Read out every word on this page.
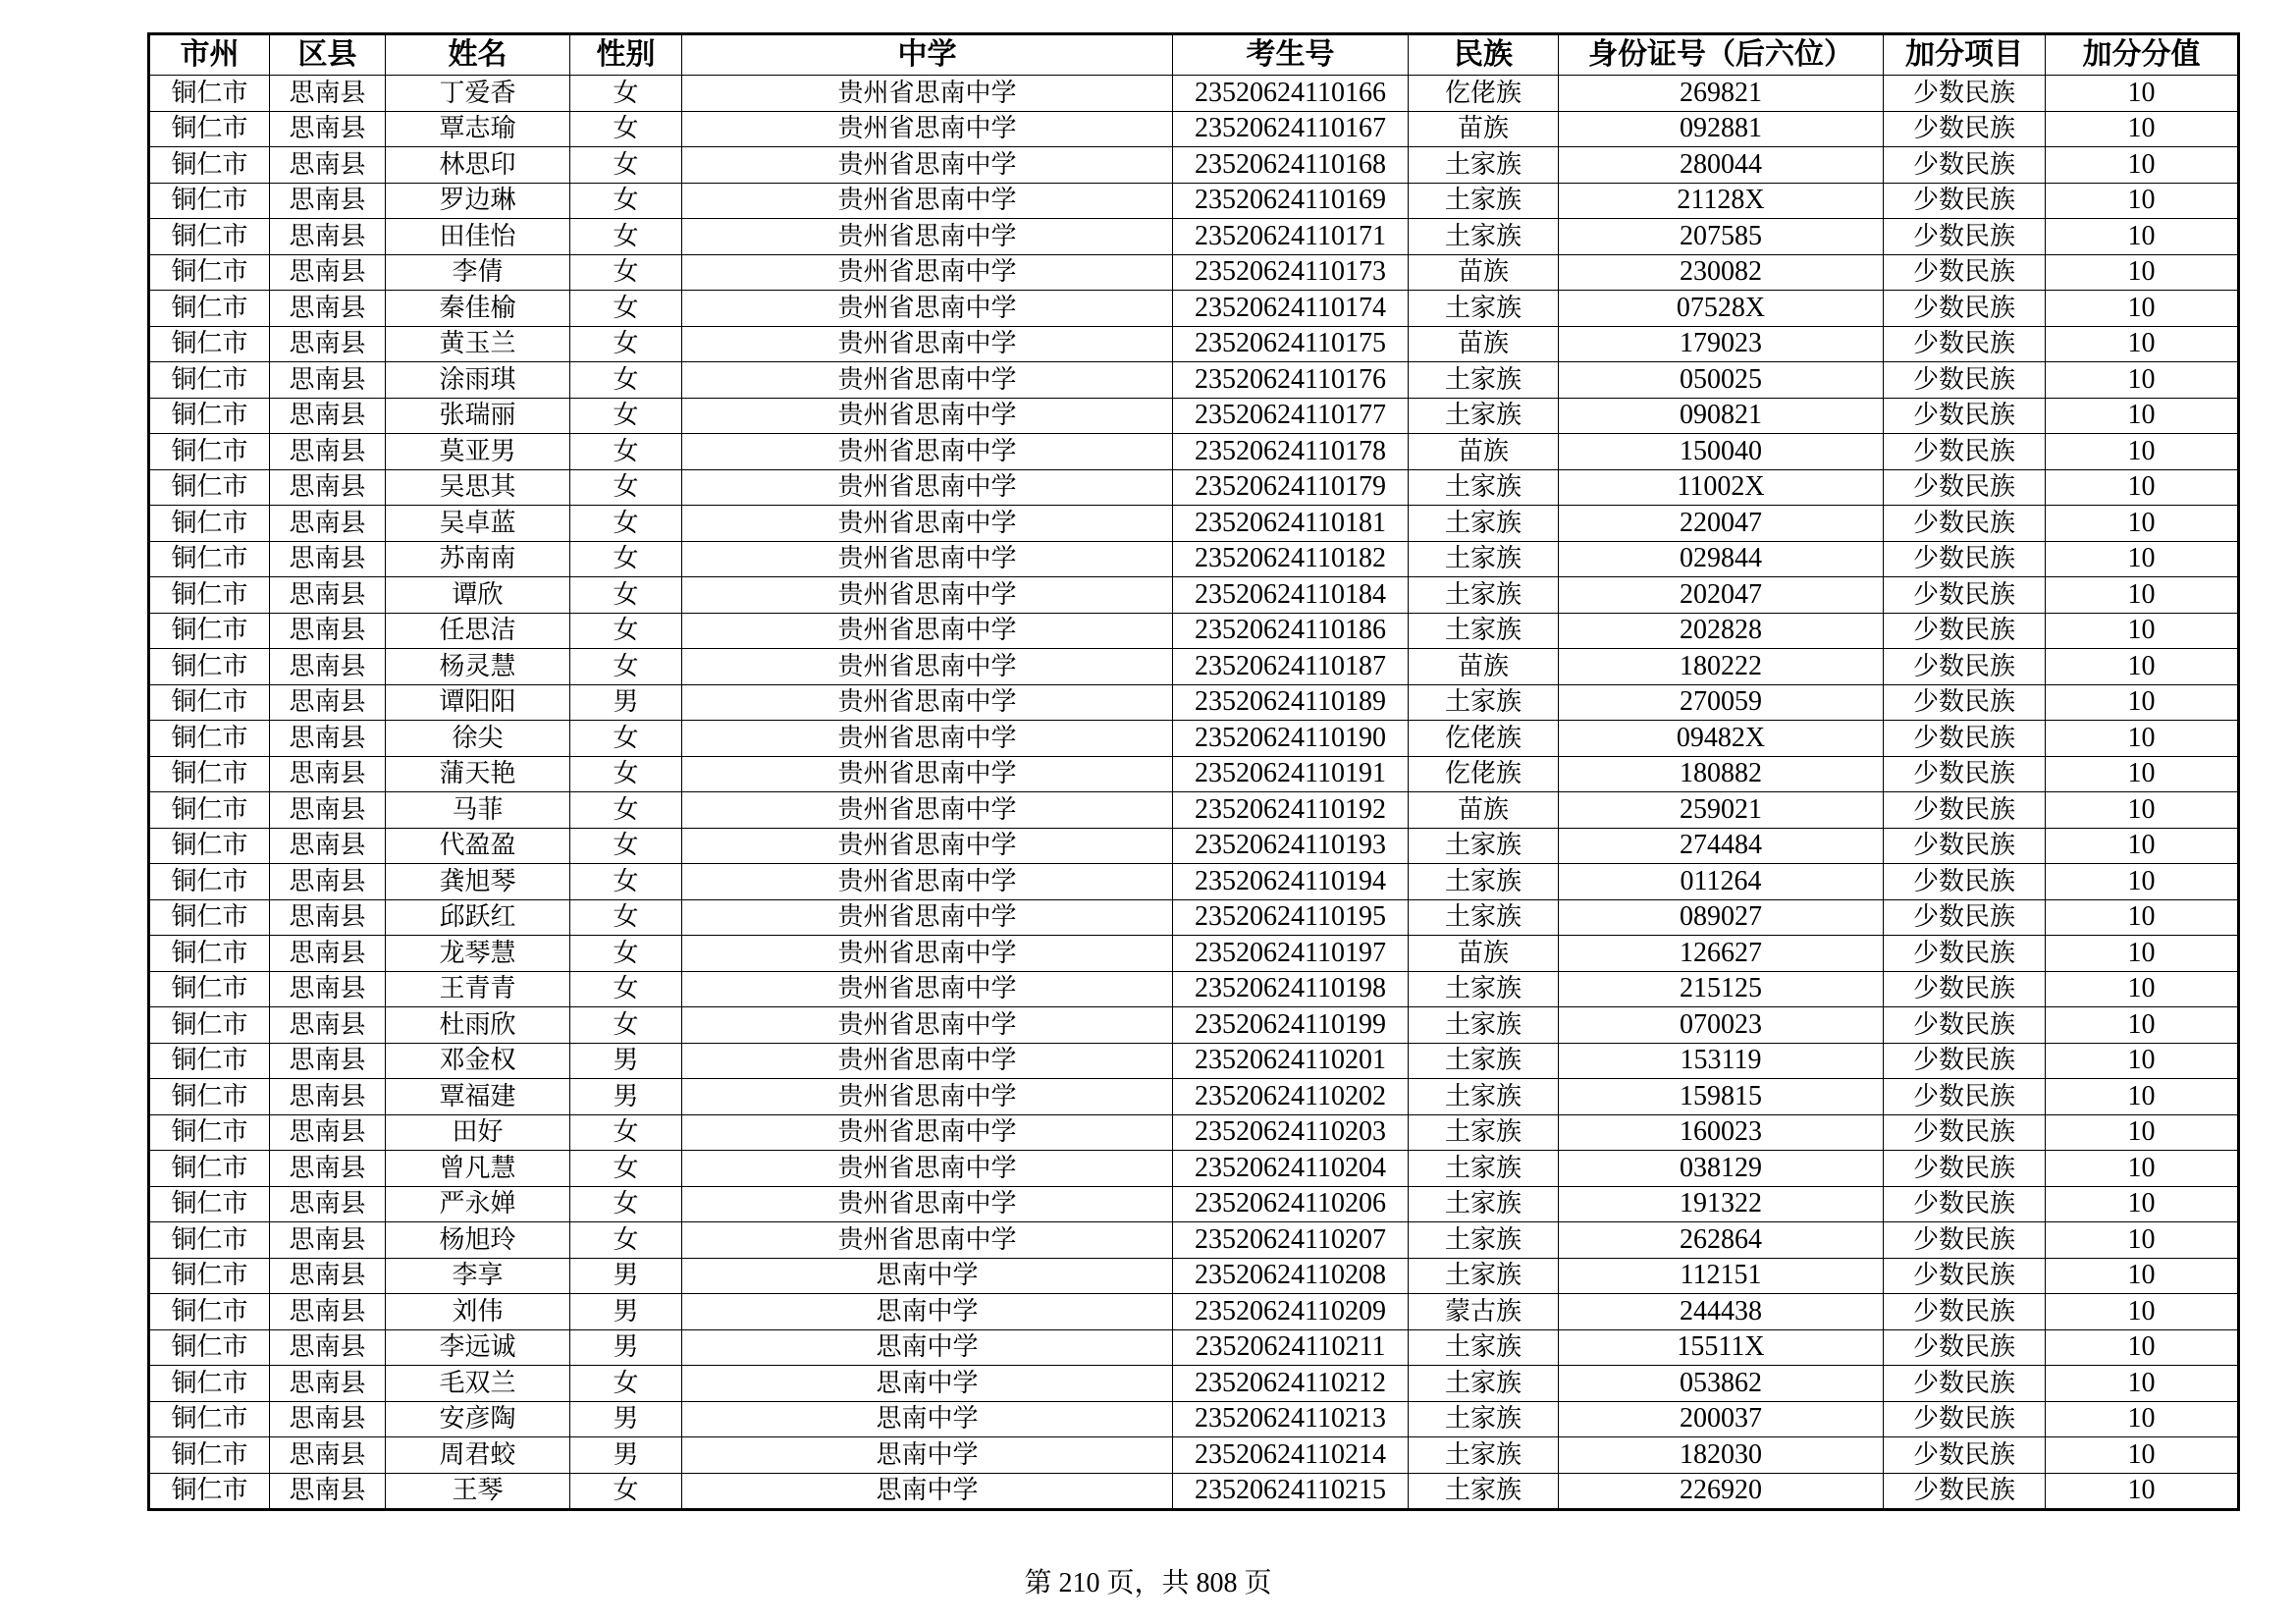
市州	区县	姓名	性别	中学	考生号	民族	身份证号（后六位）	加分项目	加分分值
铜仁市	思南县	丁爱香	女	贵州省思南中学	23520624110166	仡佬族	269821	少数民族	10
铜仁市	思南县	覃志瑜	女	贵州省思南中学	23520624110167	苗族	092881	少数民族	10
铜仁市	思南县	林思印	女	贵州省思南中学	23520624110168	土家族	280044	少数民族	10
铜仁市	思南县	罗边琳	女	贵州省思南中学	23520624110169	土家族	21128X	少数民族	10
铜仁市	思南县	田佳怡	女	贵州省思南中学	23520624110171	土家族	207585	少数民族	10
铜仁市	思南县	李倩	女	贵州省思南中学	23520624110173	苗族	230082	少数民族	10
铜仁市	思南县	秦佳榆	女	贵州省思南中学	23520624110174	土家族	07528X	少数民族	10
铜仁市	思南县	黄玉兰	女	贵州省思南中学	23520624110175	苗族	179023	少数民族	10
铜仁市	思南县	涂雨琪	女	贵州省思南中学	23520624110176	土家族	050025	少数民族	10
铜仁市	思南县	张瑞丽	女	贵州省思南中学	23520624110177	土家族	090821	少数民族	10
铜仁市	思南县	莫亚男	女	贵州省思南中学	23520624110178	苗族	150040	少数民族	10
铜仁市	思南县	吴思其	女	贵州省思南中学	23520624110179	土家族	11002X	少数民族	10
铜仁市	思南县	吴卓蓝	女	贵州省思南中学	23520624110181	土家族	220047	少数民族	10
铜仁市	思南县	苏南南	女	贵州省思南中学	23520624110182	土家族	029844	少数民族	10
铜仁市	思南县	谭欣	女	贵州省思南中学	23520624110184	土家族	202047	少数民族	10
铜仁市	思南县	任思洁	女	贵州省思南中学	23520624110186	土家族	202828	少数民族	10
铜仁市	思南县	杨灵慧	女	贵州省思南中学	23520624110187	苗族	180222	少数民族	10
铜仁市	思南县	谭阳阳	男	贵州省思南中学	23520624110189	土家族	270059	少数民族	10
铜仁市	思南县	徐尖	女	贵州省思南中学	23520624110190	仡佬族	09482X	少数民族	10
铜仁市	思南县	蒲天艳	女	贵州省思南中学	23520624110191	仡佬族	180882	少数民族	10
铜仁市	思南县	马菲	女	贵州省思南中学	23520624110192	苗族	259021	少数民族	10
铜仁市	思南县	代盈盈	女	贵州省思南中学	23520624110193	土家族	274484	少数民族	10
铜仁市	思南县	龚旭琴	女	贵州省思南中学	23520624110194	土家族	011264	少数民族	10
铜仁市	思南县	邱跃红	女	贵州省思南中学	23520624110195	土家族	089027	少数民族	10
铜仁市	思南县	龙琴慧	女	贵州省思南中学	23520624110197	苗族	126627	少数民族	10
铜仁市	思南县	王青青	女	贵州省思南中学	23520624110198	土家族	215125	少数民族	10
铜仁市	思南县	杜雨欣	女	贵州省思南中学	23520624110199	土家族	070023	少数民族	10
铜仁市	思南县	邓金权	男	贵州省思南中学	23520624110201	土家族	153119	少数民族	10
铜仁市	思南县	覃福建	男	贵州省思南中学	23520624110202	土家族	159815	少数民族	10
铜仁市	思南县	田好	女	贵州省思南中学	23520624110203	土家族	160023	少数民族	10
铜仁市	思南县	曾凡慧	女	贵州省思南中学	23520624110204	土家族	038129	少数民族	10
铜仁市	思南县	严永婵	女	贵州省思南中学	23520624110206	土家族	191322	少数民族	10
铜仁市	思南县	杨旭玲	女	贵州省思南中学	23520624110207	土家族	262864	少数民族	10
铜仁市	思南县	李享	男	思南中学	23520624110208	土家族	112151	少数民族	10
铜仁市	思南县	刘伟	男	思南中学	23520624110209	蒙古族	244438	少数民族	10
铜仁市	思南县	李远诚	男	思南中学	23520624110211	土家族	15511X	少数民族	10
铜仁市	思南县	毛双兰	女	思南中学	23520624110212	土家族	053862	少数民族	10
铜仁市	思南县	安彦陶	男	思南中学	23520624110213	土家族	200037	少数民族	10
铜仁市	思南县	周君蛟	男	思南中学	23520624110214	土家族	182030	少数民族	10
铜仁市	思南县	王琴	女	思南中学	23520624110215	土家族	226920	少数民族	10
第 210 页，共 808 页
